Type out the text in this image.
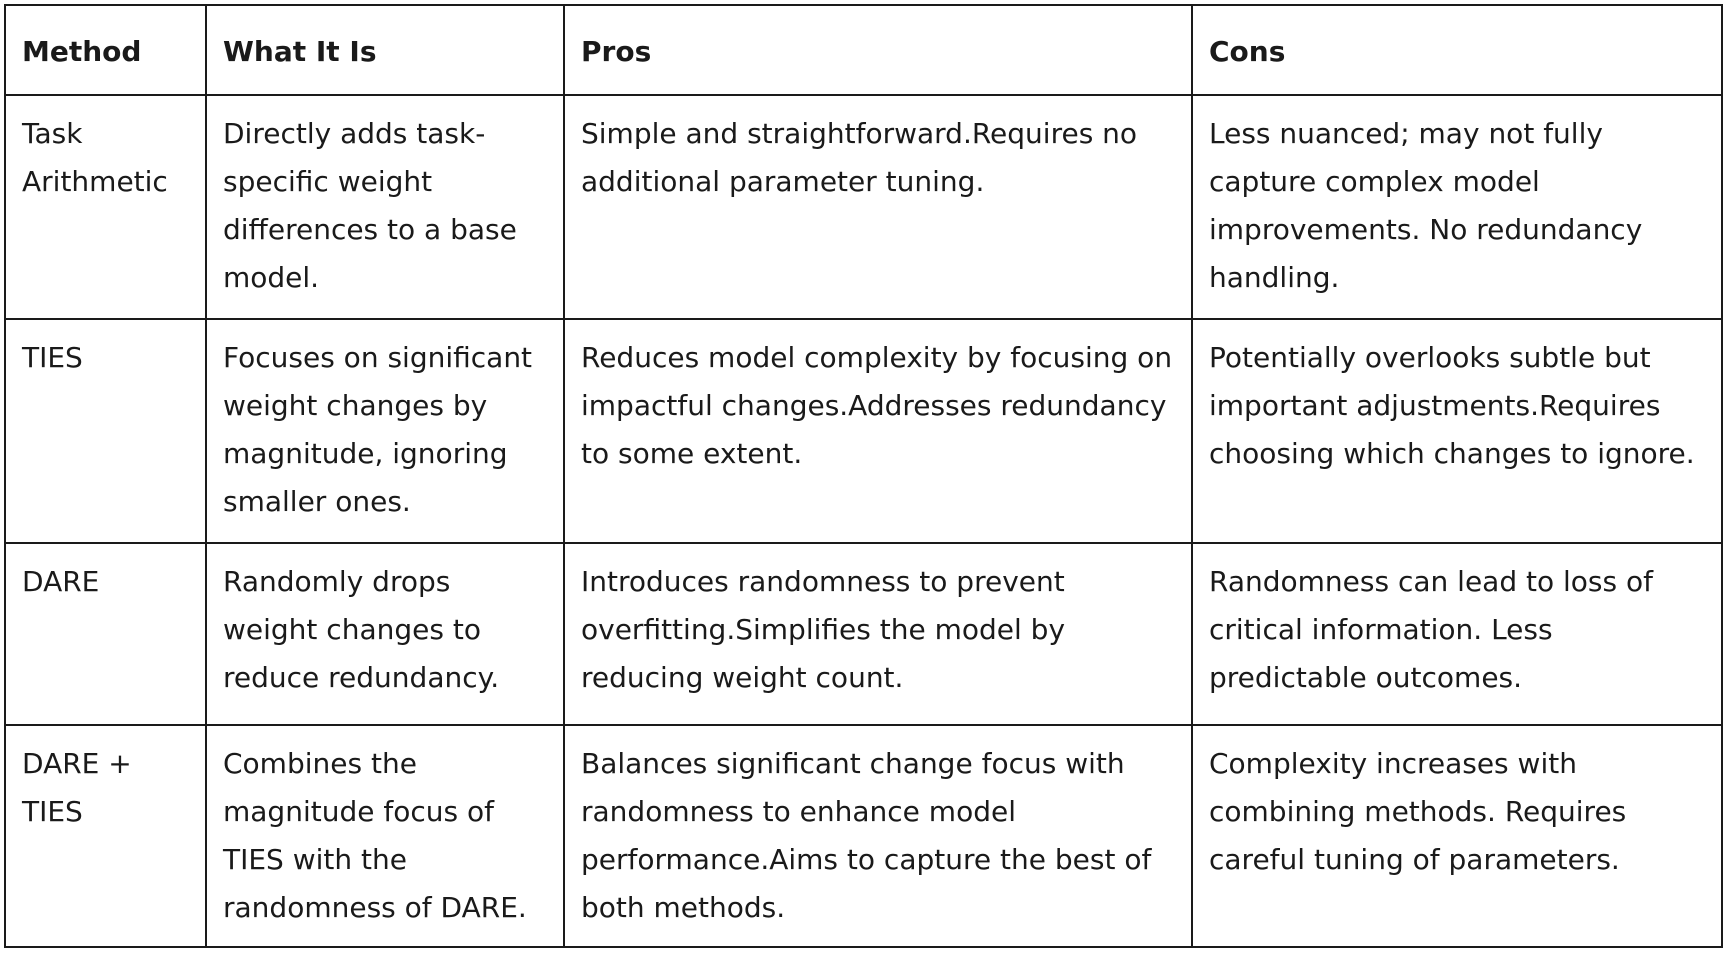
Method	What It Is	Pros	Cons
Task Arithmetic	Directly adds task-specific weight differences to a base model.	Simple and straightforward.Requires no additional parameter tuning.	Less nuanced; may not fully capture complex model improvements. No redundancy handling.
TIES	Focuses on significant weight changes by magnitude, ignoring smaller ones.	Reduces model complexity by focusing on impactful changes.Addresses redundancy to some extent.	Potentially overlooks subtle but important adjustments.Requires choosing which changes to ignore.
DARE	Randomly drops weight changes to reduce redundancy.	Introduces randomness to prevent overfitting.Simplifies the model by reducing weight count.	Randomness can lead to loss of critical information. Less predictable outcomes.
DARE + TIES	Combines the magnitude focus of TIES with the randomness of DARE.	Balances significant change focus with randomness to enhance model performance.Aims to capture the best of both methods.	Complexity increases with combining methods. Requires careful tuning of parameters.
